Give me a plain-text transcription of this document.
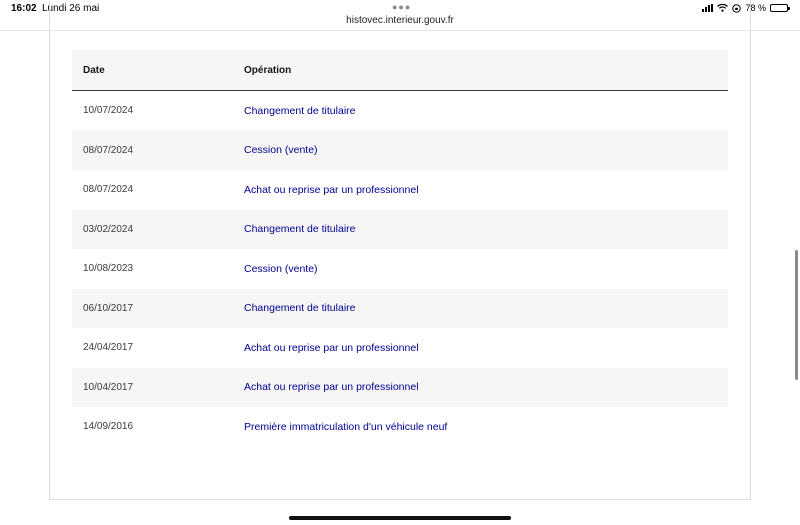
16:02 Lundi 26 mai	●●●
histovec.interieur.gouv.fr
78 %
Date	Opération
10/07/2024	Changement de titulaire
08/07/2024	Cession (vente)
08/07/2024	Achat ou reprise par un professionnel
03/02/2024	Changement de titulaire
10/08/2023	Cession (vente)
06/10/2017	Changement de titulaire
24/04/2017	Achat ou reprise par un professionnel
10/04/2017	Achat ou reprise par un professionnel
14/09/2016	Première immatriculation d'un véhicule neuf
